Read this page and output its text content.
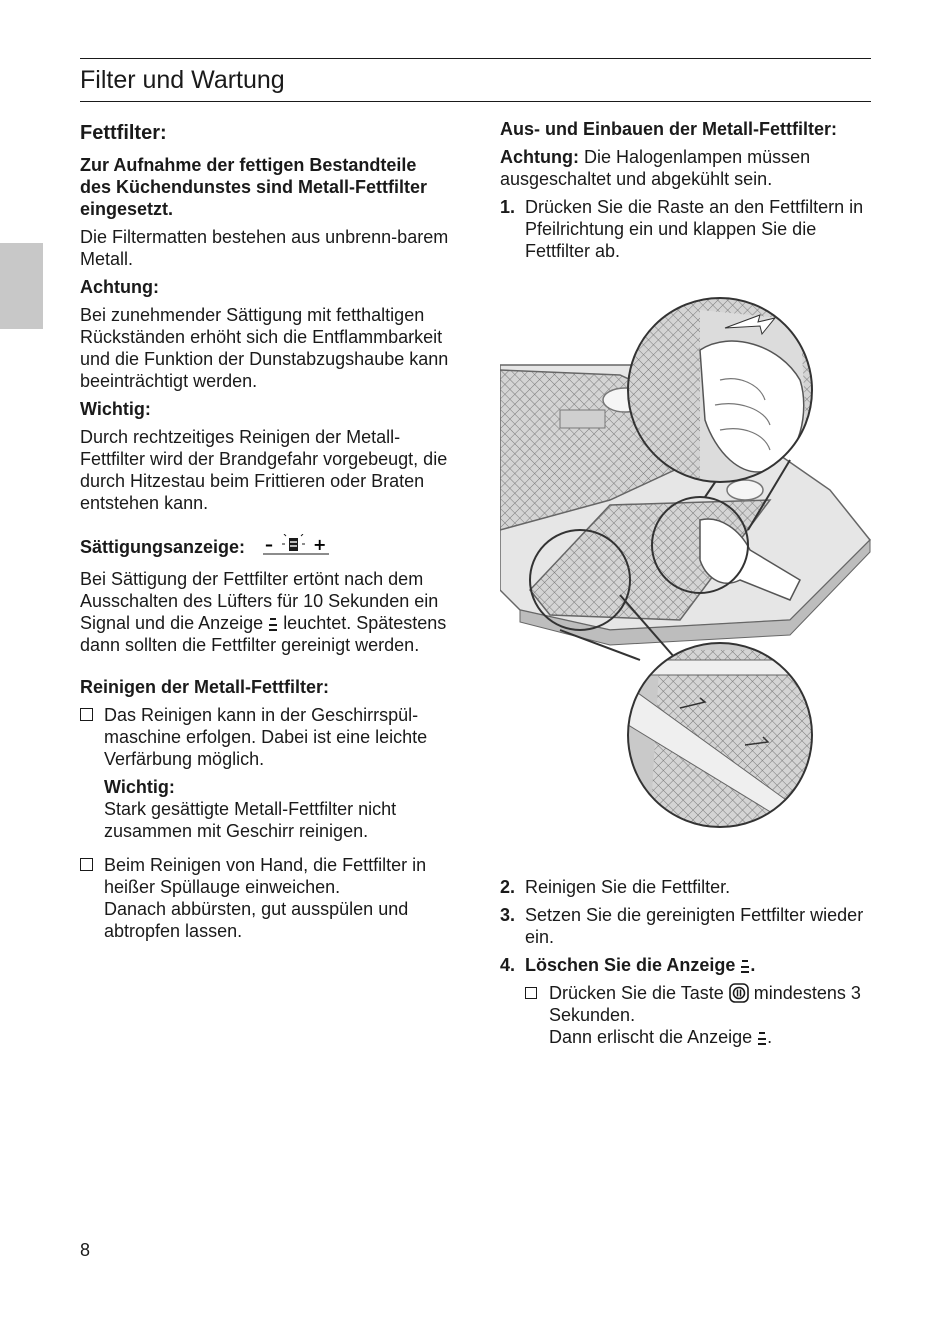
Filter und Wartung
Fettfilter:

Zur Aufnahme der fettigen Bestandteile des Küchendunstes sind Metall-Fettfilter eingesetzt.

Die Filtermatten bestehen aus unbrenn-barem Metall.

Achtung:

Bei zunehmender Sättigung mit fetthaltigen Rückständen erhöht sich die Entflammbarkeit und die Funktion der Dunstabzugshaube kann beeinträchtigt werden.

Wichtig:

Durch rechtzeitiges Reinigen der Metall-Fettfilter wird der Brandgefahr vorgebeugt, die durch Hitzestau beim Frittieren oder Braten entstehen kann.

Sättigungsanzeige: –	+

Bei Sättigung der Fettfilter ertönt nach dem Ausschalten des Lüfters für 10 Sekunden ein Signal und die Anzeige leuchtet. Spätestens dann sollten die Fettfilter gereinigt werden.

Reinigen der Metall-Fettfilter:

Das Reinigen kann in der Geschirrspül-maschine erfolgen. Dabei ist eine leichte Verfärbung möglich.

Wichtig:

Stark gesättigte Metall-Fettfilter nicht zusammen mit Geschirr reinigen.

Beim Reinigen von Hand, die Fettfilter in heißer Spüllauge einweichen.
Danach abbürsten, gut ausspülen und abtropfen lassen.
Aus- und Einbauen der Metall-Fettfilter:

Achtung: Die Halogenlampen müssen ausgeschaltet und abgekühlt sein.

1. Drücken Sie die Raste an den Fettfiltern in Pfeilrichtung ein und klappen Sie die Fettfilter ab.
2. Reinigen Sie die Fettfilter.
3. Setzen Sie die gereinigten Fettfilter wieder ein.
4. Löschen Sie die Anzeige .
Drücken Sie die Taste mindestens 3 Sekunden.
Dann erlischt die Anzeige .
8
